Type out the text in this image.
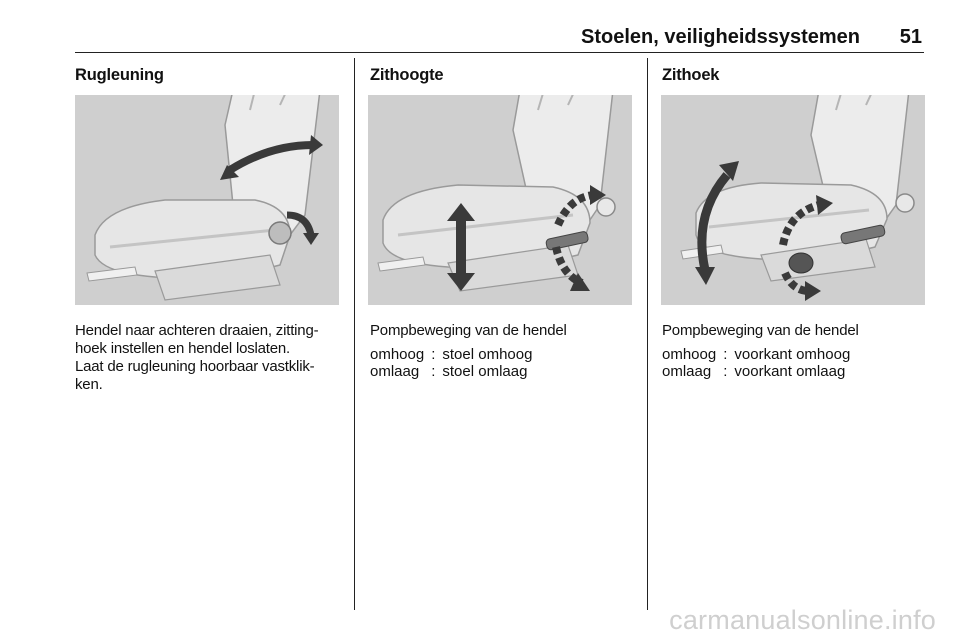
Stoelen, veiligheidssystemen 51
Rugleuning

Hendel naar achteren draaien, zitting-

hoek instellen en hendel loslaten.

Laat de rugleuning hoorbaar vastklik-

ken.

Zithoogte

Pompbeweging van de hendel

omhoog	:	stoel omhoog
omlaag	:	stoel omlaag
Zithoek

Pompbeweging van de hendel

omhoog	:	voorkant omhoog
omlaag	:	voorkant omlaag
carmanualsonline.info
